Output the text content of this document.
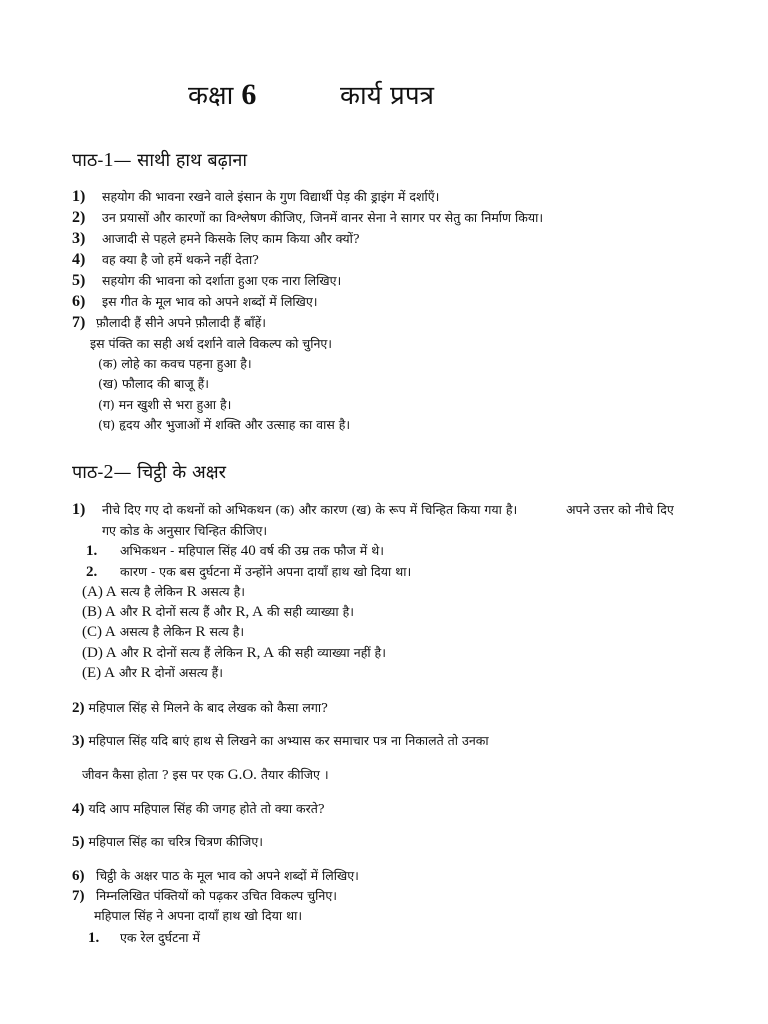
कक्षा 6	कार्य प्रपत्र
पाठ-1— साथी हाथ बढ़ाना
1) सहयोग की भावना रखने वाले इंसान के गुण विद्यार्थी पेड़ की ड्राइंग में दर्शाएँ।
2) उन प्रयासों और कारणों का विश्लेषण कीजिए, जिनमें वानर सेना ने सागर पर सेतु का निर्माण किया।
3) आजादी से पहले हमने किसके लिए काम किया और क्यों?
4) वह क्या है जो हमें थकने नहीं देता?
5) सहयोग की भावना को दर्शाता हुआ एक नारा लिखिए।
6) इस गीत के मूल भाव को अपने शब्दों में लिखिए।
7) फ़ौलादी हैं सीने अपने फ़ौलादी हैं बाँहें।
इस पंक्ति का सही अर्थ दर्शाने वाले विकल्प को चुनिए।
(क) लोहे का कवच पहना हुआ है।
(ख) फौलाद की बाजू हैं।
(ग) मन खुशी से भरा हुआ है।
(घ) हृदय और भुजाओं में शक्ति और उत्साह का वास है।
पाठ-2— चिट्ठी के अक्षर
1) नीचे दिए गए दो कथनों को अभिकथन (क) और कारण (ख) के रूप में चिन्हित किया गया है।	अपने उत्तर को नीचे दिए
गए कोड के अनुसार चिन्हित कीजिए।
1. अभिकथन - महिपाल सिंह 40 वर्ष की उम्र तक फौज में थे।
2. कारण - एक बस दुर्घटना में उन्होंने अपना दायाँ हाथ खो दिया था।
(A) A सत्य है लेकिन R असत्य है।
(B) A और R दोनों सत्य हैं और R, A की सही व्याख्या है।
(C) A असत्य है लेकिन R सत्य है।
(D) A और R दोनों सत्य हैं लेकिन R, A की सही व्याख्या नहीं है।
(E) A और R दोनों असत्य हैं।
2) महिपाल सिंह से मिलने के बाद लेखक को कैसा लगा?
3) महिपाल सिंह यदि बाएं हाथ से लिखने का अभ्यास कर समाचार पत्र ना निकालते तो उनका
जीवन कैसा होता ? इस पर एक G.O. तैयार कीजिए ।
4) यदि आप महिपाल सिंह की जगह होते तो क्या करते?
5) महिपाल सिंह का चरित्र चित्रण कीजिए।
6) चिट्ठी के अक्षर पाठ के मूल भाव को अपने शब्दों में लिखिए।
7) निम्नलिखित पंक्तियों को पढ़कर उचित विकल्प चुनिए।
महिपाल सिंह ने अपना दायाँ हाथ खो दिया था।
1. एक रेल दुर्घटना में
